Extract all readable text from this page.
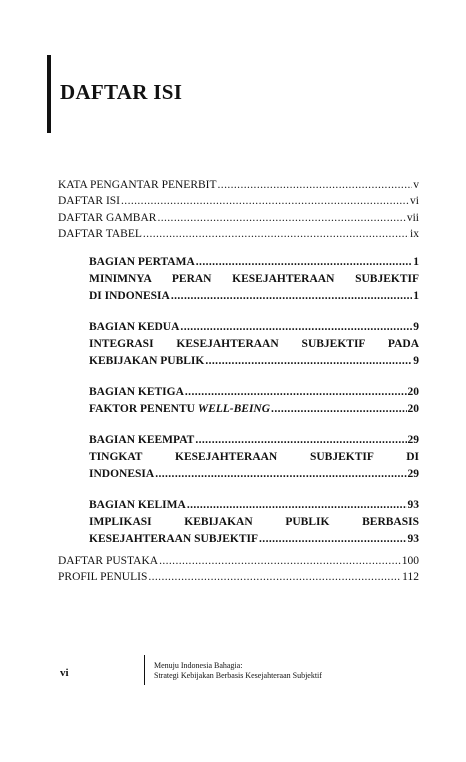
DAFTAR ISI
KATA PENGANTAR PENERBIT .....	v
DAFTAR ISI .....	vi
DAFTAR GAMBAR .....	vii
DAFTAR TABEL .....	ix
BAGIAN PERTAMA .....	1
MINIMNYA PERAN KESEJAHTERAAN SUBJEKTIF
DI INDONESIA .....	1
BAGIAN KEDUA .....	9
INTEGRASI KESEJAHTERAAN SUBJEKTIF PADA
KEBIJAKAN PUBLIK .....	9
BAGIAN KETIGA .....	20
FAKTOR PENENTU WELL-BEING .....	20
BAGIAN KEEMPAT .....	29
TINGKAT KESEJAHTERAAN SUBJEKTIF DI
INDONESIA .....	29
BAGIAN KELIMA .....	93
IMPLIKASI KEBIJAKAN PUBLIK BERBASIS
KESEJAHTERAAN SUBJEKTIF .....	93
DAFTAR PUSTAKA .....	100
PROFIL PENULIS .....	112
vi
Menuju Indonesia Bahagia:
Strategi Kebijakan Berbasis Kesejahteraan Subjektif
